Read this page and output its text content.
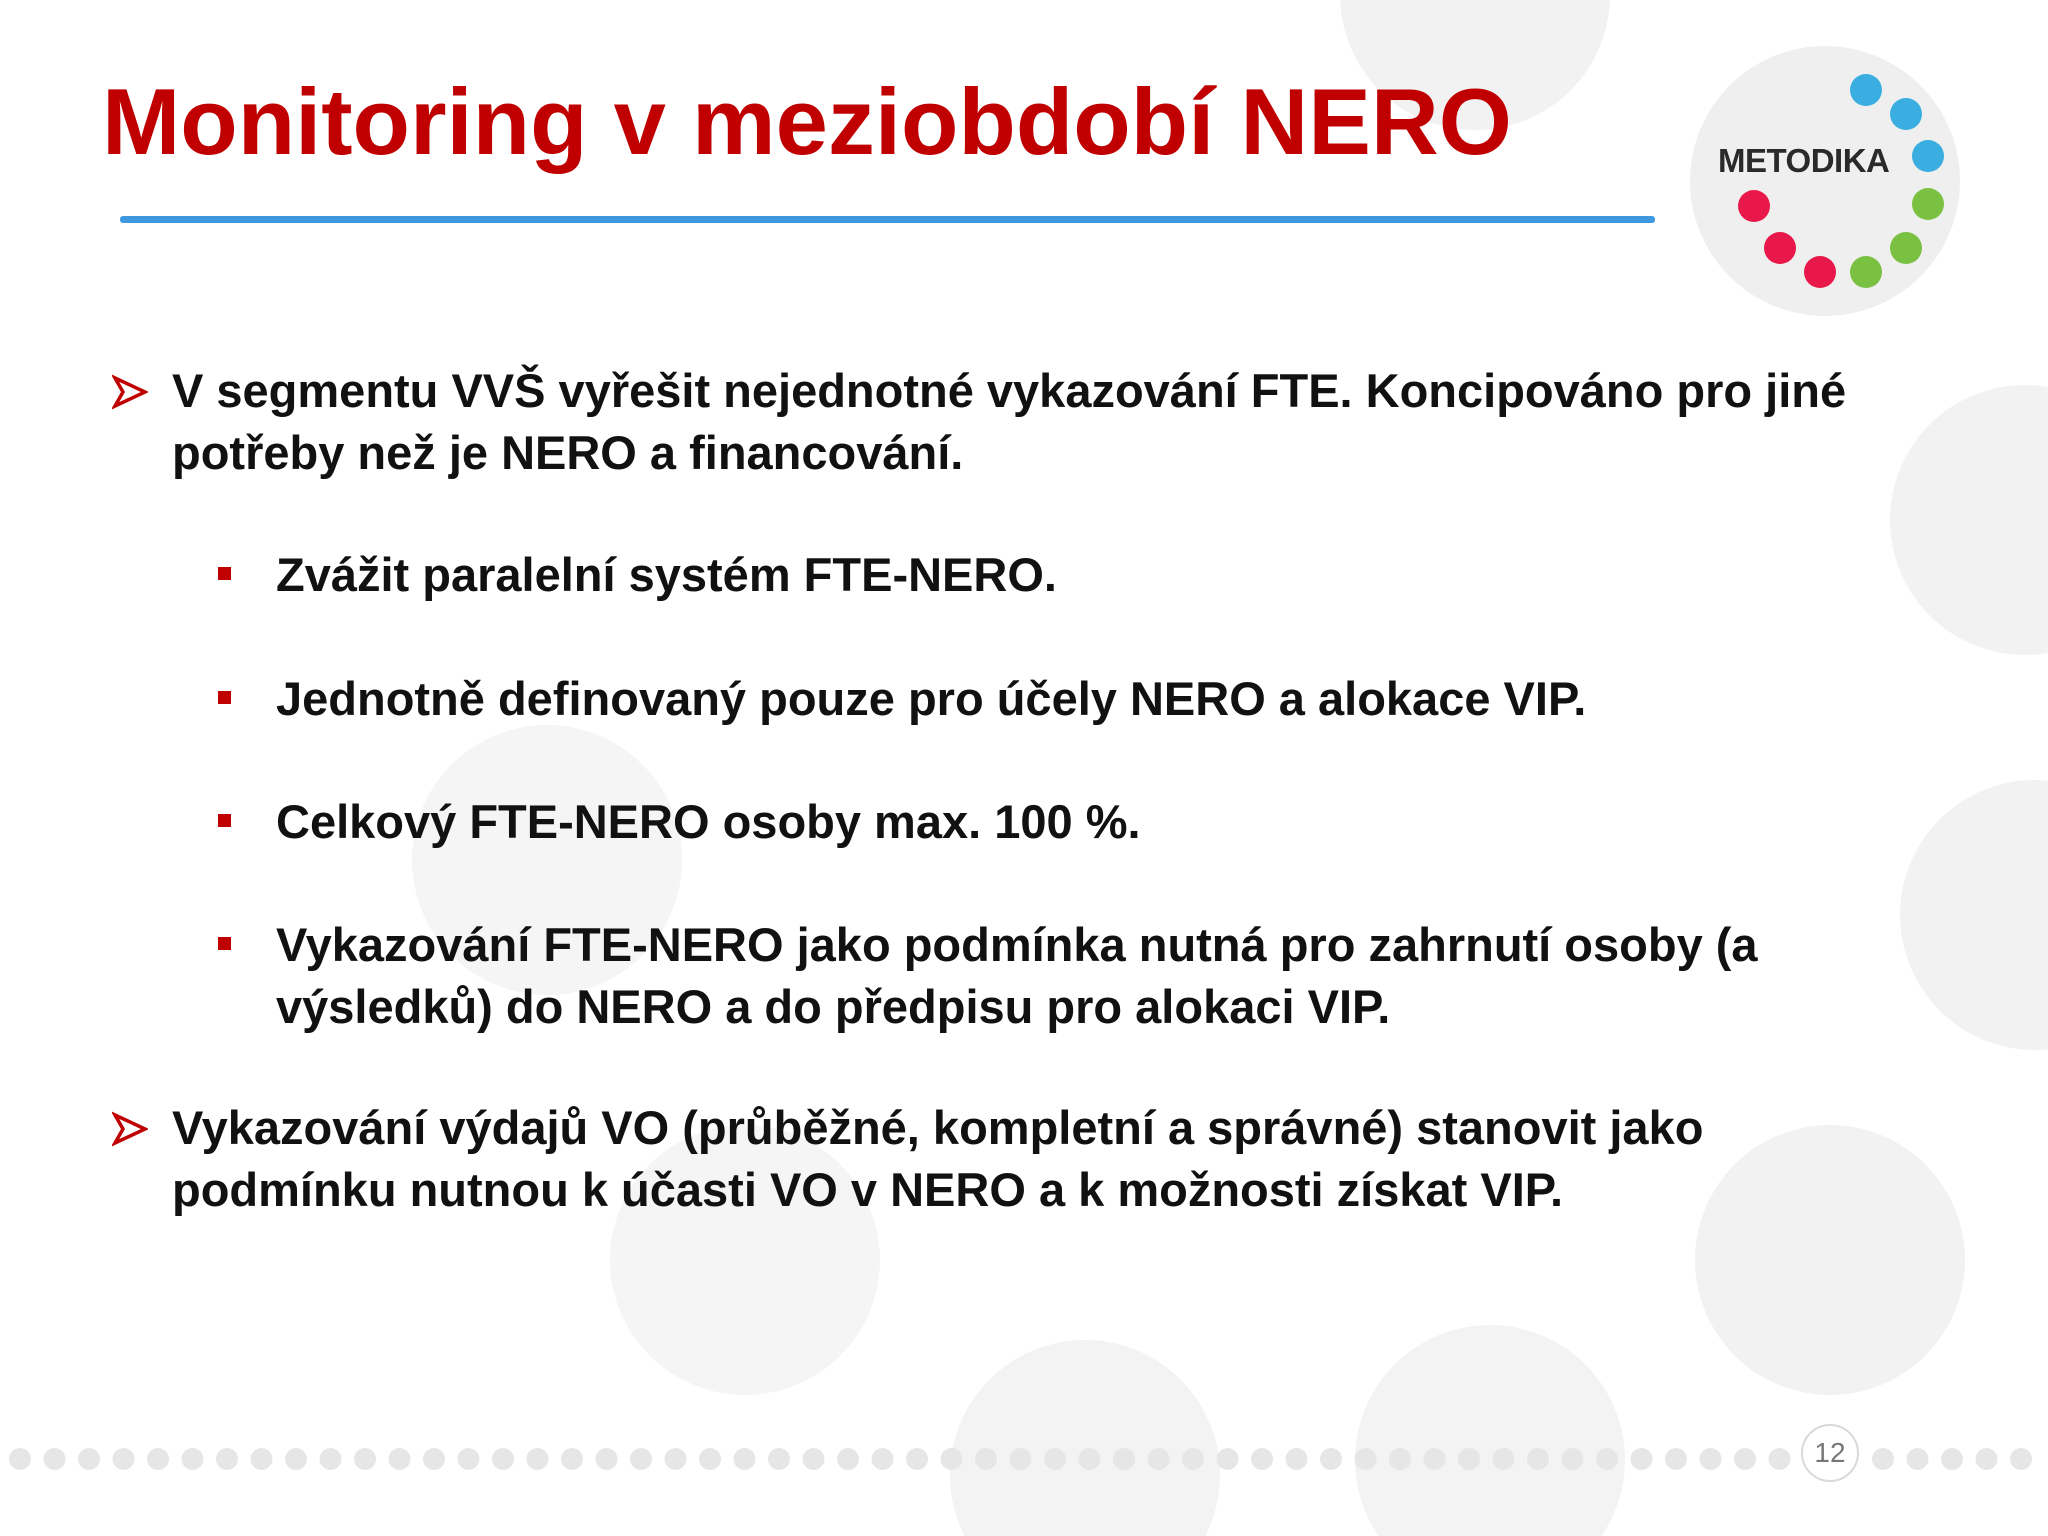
Monitoring v meziobdobí NERO	METODIKA
V segmentu VVŠ vyřešit nejednotné vykazování FTE. Koncipováno pro jiné potřeby než je NERO a financování.
Zvážit paralelní systém FTE-NERO.
Jednotně definovaný pouze pro účely NERO a alokace VIP.
Celkový FTE-NERO osoby max. 100 %.
Vykazování FTE-NERO jako podmínka nutná pro zahrnutí osoby (a výsledků) do NERO a do předpisu pro alokaci VIP.
Vykazování výdajů VO (průběžné, kompletní a správné) stanovit jako podmínku nutnou k účasti VO v NERO a k možnosti získat VIP.
12
